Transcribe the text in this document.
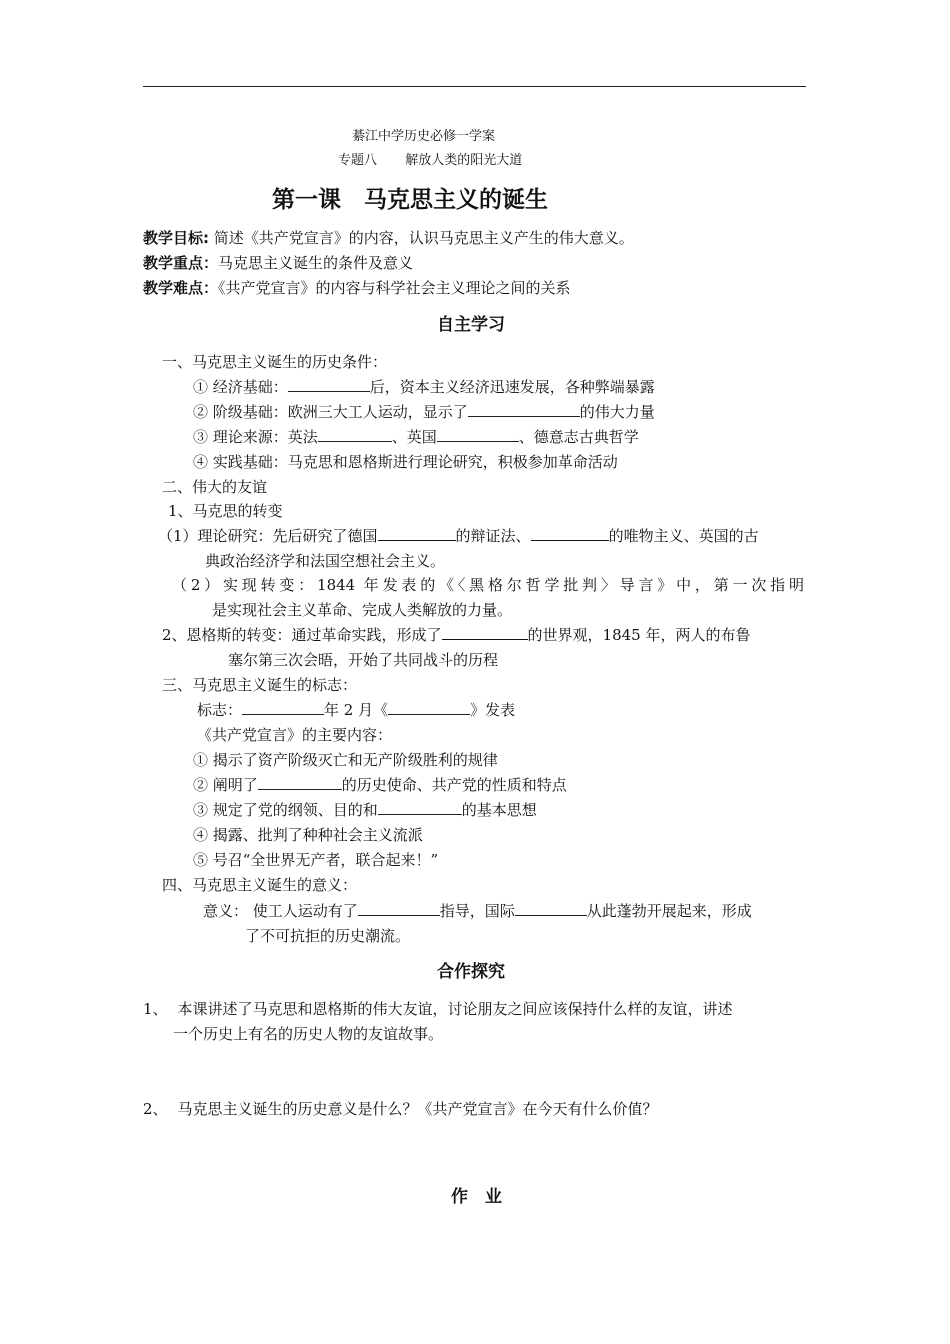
綦江中学历史必修一学案
专题八 解放人类的阳光大道
第一课　马克思主义的诞生
教学目标: 简述《共产党宣言》的内容，认识马克思主义产生的伟大意义。
教学重点：马克思主义诞生的条件及意义
教学难点：《共产党宣言》的内容与科学社会主义理论之间的关系
自主学习
一、马克思主义诞生的历史条件：
① 经济基础：	后，资本主义经济迅速发展，各种弊端暴露
② 阶级基础：欧洲三大工人运动，显示了	的伟大力量
③ 理论来源：英法	、英国	、德意志古典哲学
④ 实践基础：马克思和恩格斯进行理论研究，积极参加革命活动
二、伟大的友谊
1、马克思的转变
（1）理论研究：先后研究了德国	的辩证法、	的唯物主义、英国的古
典政治经济学和法国空想社会主义。
（2）实现转变：1844 年发表的《〈黑格尔哲学批判〉导言》中，第一次指明
是实现社会主义革命、完成人类解放的力量。
2、恩格斯的转变：通过革命实践，形成了	的世界观，1845 年，两人的布鲁
塞尔第三次会晤，开始了共同战斗的历程
三、马克思主义诞生的标志：
标志：	年 2 月《	》发表
《共产党宣言》的主要内容：
① 揭示了资产阶级灭亡和无产阶级胜利的规律
② 阐明了	的历史使命、共产党的性质和特点
③ 规定了党的纲领、目的和	的基本思想
④ 揭露、批判了种种社会主义流派
⑤ 号召“全世界无产者，联合起来！”
四、马克思主义诞生的意义：
意义： 使工人运动有了	指导，国际	从此蓬勃开展起来，形成
了不可抗拒的历史潮流。
合作探究
1、 本课讲述了马克思和恩格斯的伟大友谊，讨论朋友之间应该保持什么样的友谊，讲述
一个历史上有名的历史人物的友谊故事。
2、 马克思主义诞生的历史意义是什么？《共产党宣言》在今天有什么价值？
作　业
